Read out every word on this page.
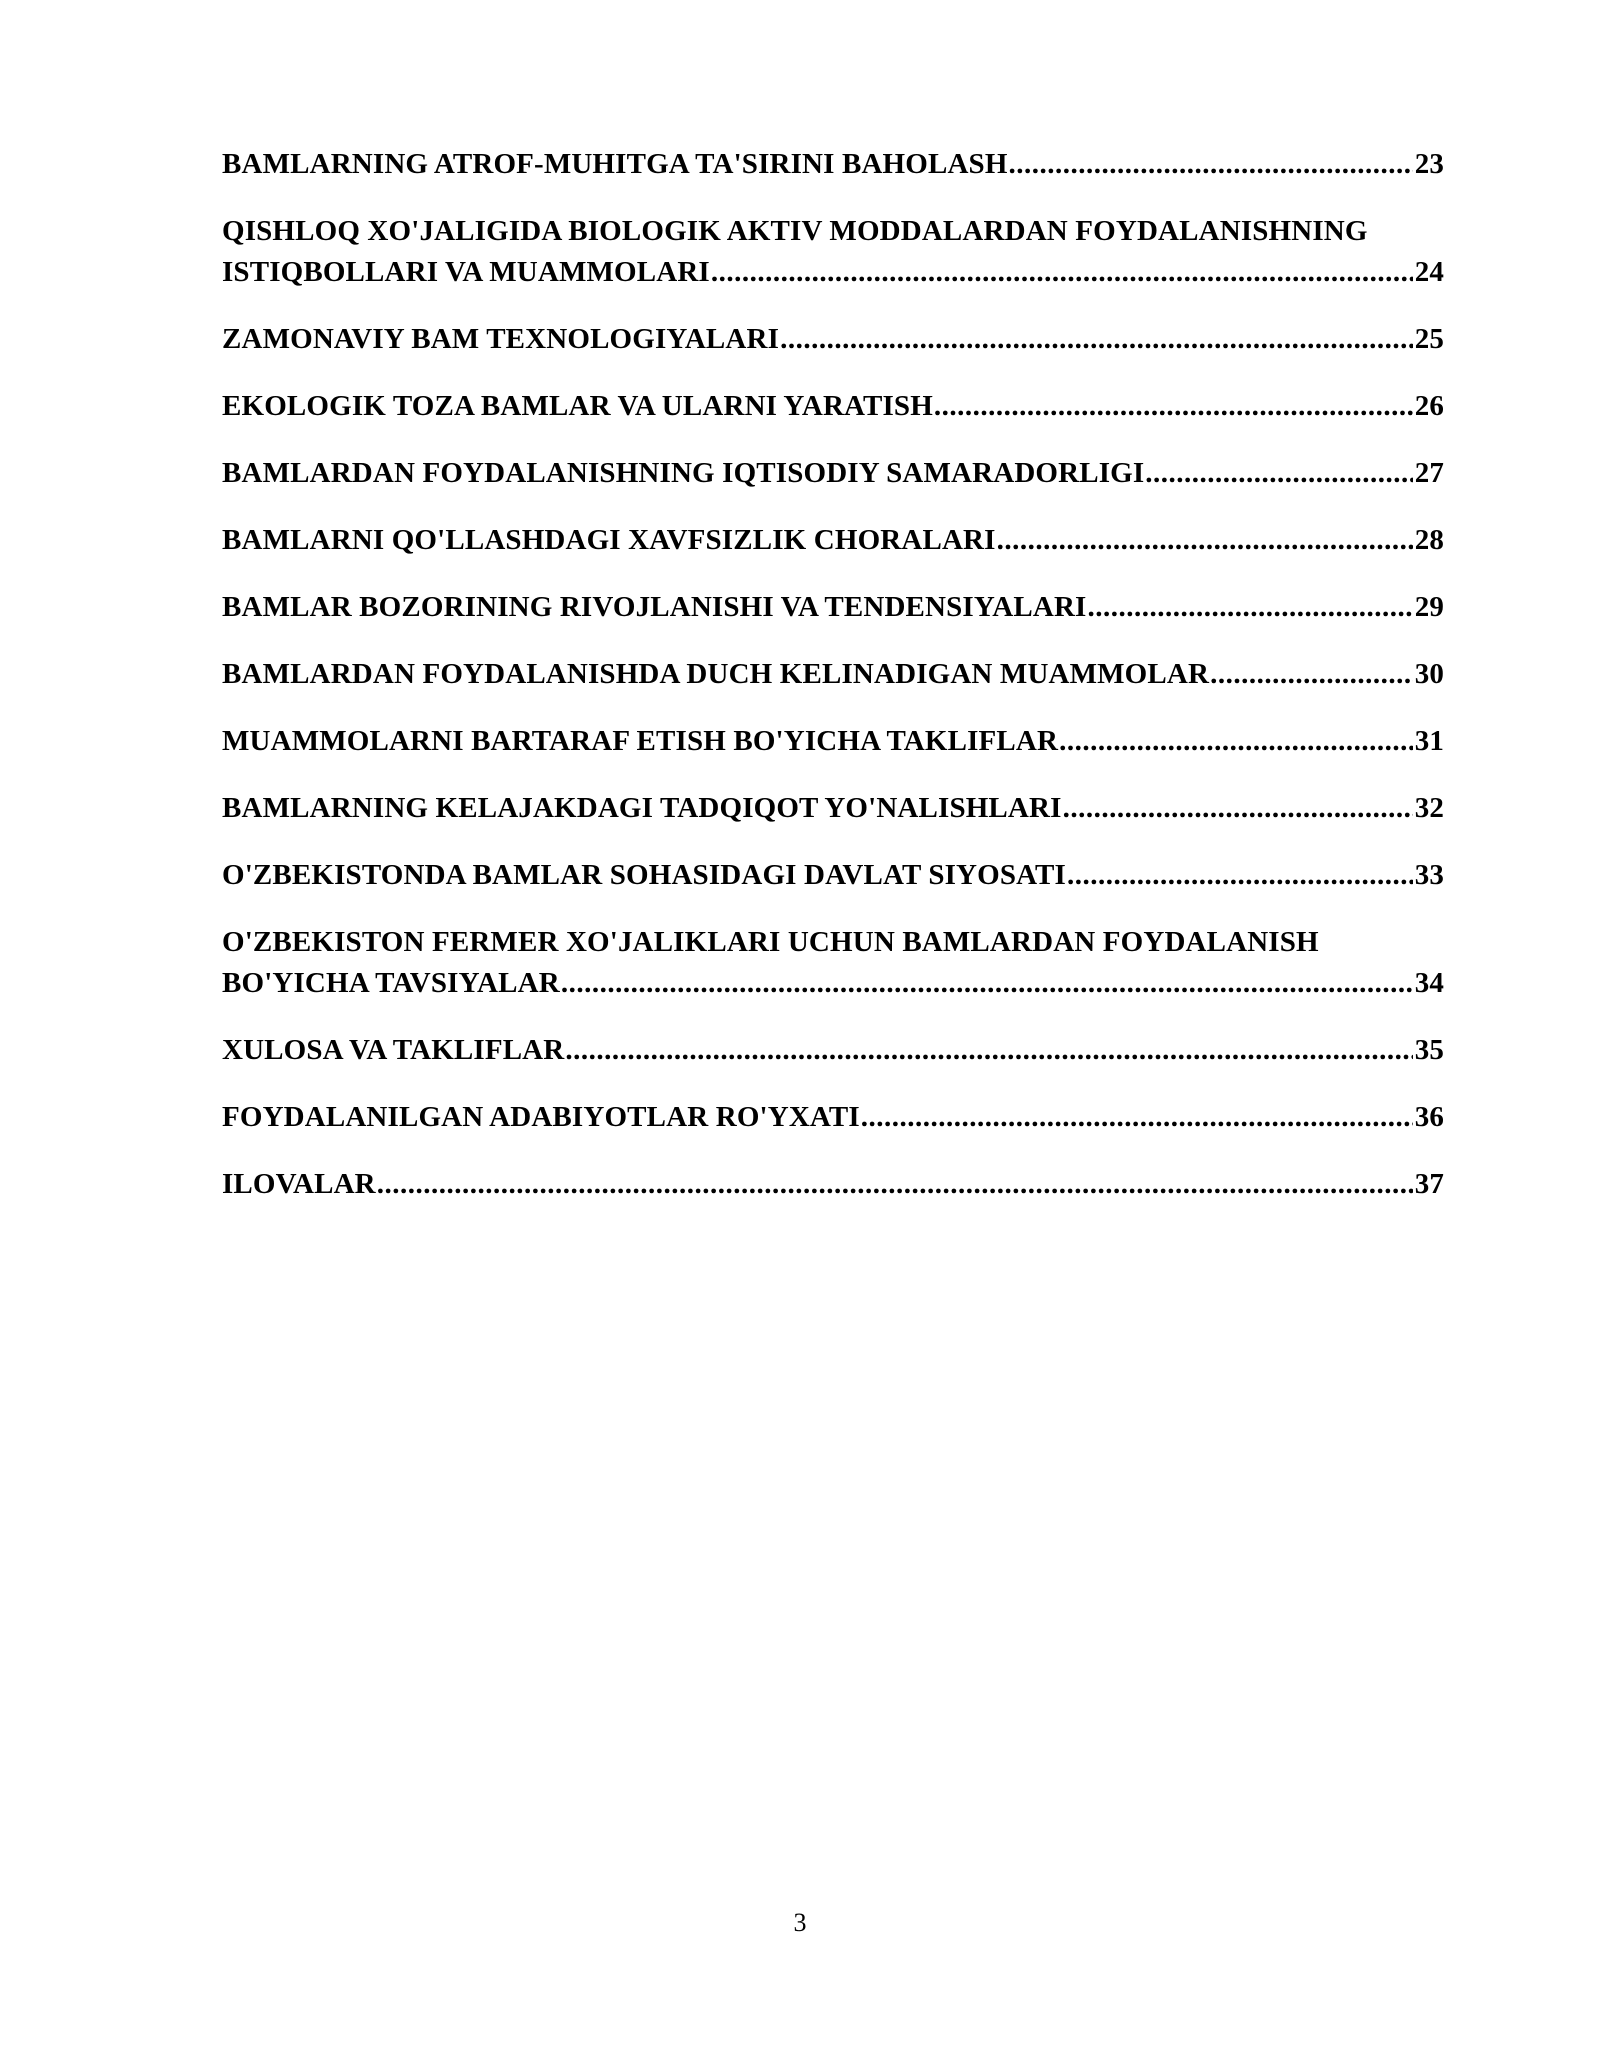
BAMLARNING ATROF-MUHITGA TA'SIRINI BAHOLASH .....	23
QISHLOQ XO'JALIGIDA BIOLOGIK AKTIV MODDALARDAN FOYDALANISHNING
ISTIQBOLLARI VA MUAMMOLARI .....	24
ZAMONAVIY BAM TEXNOLOGIYALARI .....	25
EKOLOGIK TOZA BAMLAR VA ULARNI YARATISH .....	26
BAMLARDAN FOYDALANISHNING IQTISODIY SAMARADORLIGI .....	27
BAMLARNI QO'LLASHDAGI XAVFSIZLIK CHORALARI .....	28
BAMLAR BOZORINING RIVOJLANISHI VA TENDENSIYALARI .....	29
BAMLARDAN FOYDALANISHDA DUCH KELINADIGAN MUAMMOLAR .....	30
MUAMMOLARNI BARTARAF ETISH BO'YICHA TAKLIFLAR .....	31
BAMLARNING KELAJAKDAGI TADQIQOT YO'NALISHLARI .....	32
O'ZBEKISTONDA BAMLAR SOHASIDAGI DAVLAT SIYOSATI .....	33
O'ZBEKISTON FERMER XO'JALIKLARI UCHUN BAMLARDAN FOYDALANISH
BO'YICHA TAVSIYALAR .....	34
XULOSA VA TAKLIFLAR .....	35
FOYDALANILGAN ADABIYOTLAR RO'YXATI .....	36
ILOVALAR .....	37
3
